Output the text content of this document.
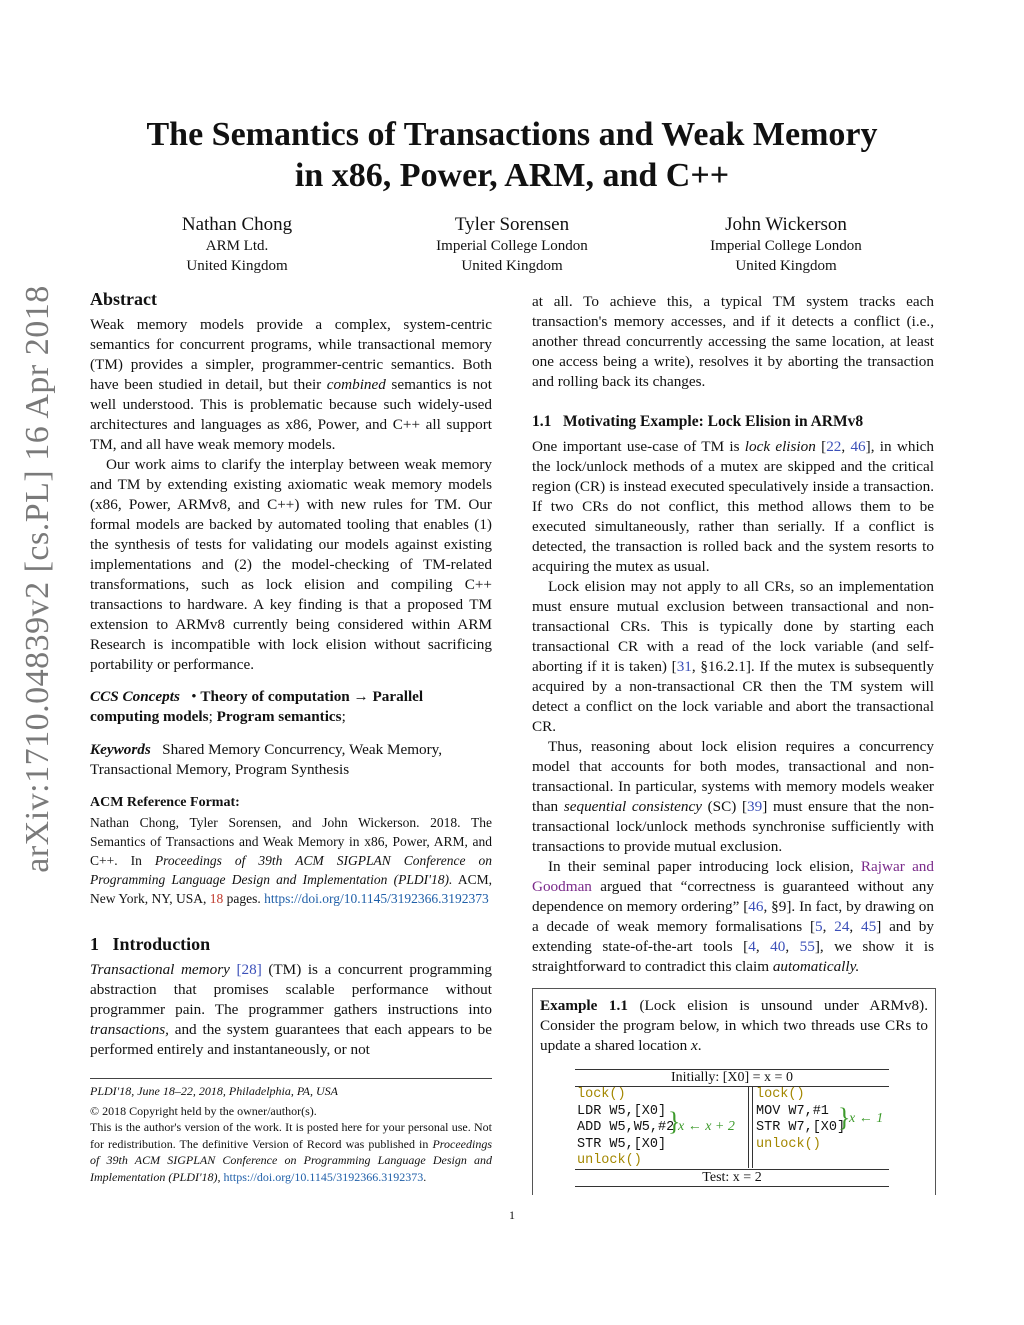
arXiv:1710.04839v2 [cs.PL] 16 Apr 2018
The Semantics of Transactions and Weak Memory
in x86, Power, ARM, and C++
Nathan Chong
ARM Ltd.
United Kingdom
Tyler Sorensen
Imperial College London
United Kingdom
John Wickerson
Imperial College London
United Kingdom
Abstract

Weak memory models provide a complex, system-centric semantics for concurrent programs, while transactional memory (TM) provides a simpler, programmer-centric semantics. Both have been studied in detail, but their combined semantics is not well understood. This is problematic because such widely-used architectures and languages as x86, Power, and C++ all support TM, and all have weak memory models.

Our work aims to clarify the interplay between weak memory and TM by extending existing axiomatic weak memory models (x86, Power, ARMv8, and C++) with new rules for TM. Our formal models are backed by automated tooling that enables (1) the synthesis of tests for validating our models against existing implementations and (2) the model-checking of TM-related transformations, such as lock elision and compiling C++ transactions to hardware. A key finding is that a proposed TM extension to ARMv8 currently being considered within ARM Research is incompatible with lock elision without sacrificing portability or performance.

CCS Concepts • Theory of computation → Parallel computing models; Program semantics;

Keywords Shared Memory Concurrency, Weak Memory, Transactional Memory, Program Synthesis

ACM Reference Format:

Nathan Chong, Tyler Sorensen, and John Wickerson. 2018. The Semantics of Transactions and Weak Memory in x86, Power, ARM, and C++. In Proceedings of 39th ACM SIGPLAN Conference on Programming Language Design and Implementation (PLDI'18). ACM, New York, NY, USA, 18 pages. https://doi.org/10.1145/3192366.3192373

1 Introduction

Transactional memory [28] (TM) is a concurrent programming abstraction that promises scalable performance without programmer pain. The programmer gathers instructions into transactions, and the system guarantees that each appears to be performed entirely and instantaneously, or not

PLDI'18, June 18–22, 2018, Philadelphia, PA, USA
© 2018 Copyright held by the owner/author(s).
This is the author's version of the work. It is posted here for your personal use. Not for redistribution. The definitive Version of Record was published in Proceedings of 39th ACM SIGPLAN Conference on Programming Language Design and Implementation (PLDI'18), https://doi.org/10.1145/3192366.3192373.

at all. To achieve this, a typical TM system tracks each transaction's memory accesses, and if it detects a conflict (i.e., another thread concurrently accessing the same location, at least one access being a write), resolves it by aborting the transaction and rolling back its changes.

1.1 Motivating Example: Lock Elision in ARMv8

One important use-case of TM is lock elision [22, 46], in which the lock/unlock methods of a mutex are skipped and the critical region (CR) is instead executed speculatively inside a transaction. If two CRs do not conflict, this method allows them to be executed simultaneously, rather than serially. If a conflict is detected, the transaction is rolled back and the system resorts to acquiring the mutex as usual.

Lock elision may not apply to all CRs, so an implementation must ensure mutual exclusion between transactional and non-transactional CRs. This is typically done by starting each transactional CR with a read of the lock variable (and self-aborting if it is taken) [31, §16.2.1]. If the mutex is subsequently acquired by a non-transactional CR then the TM system will detect a conflict on the lock variable and abort the transactional CR.

Thus, reasoning about lock elision requires a concurrency model that accounts for both modes, transactional and non-transactional. In particular, systems with memory models weaker than sequential consistency (SC) [39] must ensure that the non-transactional lock/unlock methods synchronise sufficiently with transactions to provide mutual exclusion.

In their seminal paper introducing lock elision, Rajwar and Goodman argued that “correctness is guaranteed without any dependence on memory ordering” [46, §9]. In fact, by drawing on a decade of weak memory formalisations [5, 24, 45] and by extending state-of-the-art tools [4, 40, 55], we show it is straightforward to contradict this claim automatically.

Example 1.1 (Lock elision is unsound under ARMv8). Consider the program below, in which two threads use CRs to update a shared location x.

Initially: [X0] = x = 0
lock()
LDR W5,[X0]
ADD W5,W5,#2
STR W5,[X0]
unlock()
}
x ← x + 2
lock()
MOV W7,#1
STR W7,[X0]
unlock()
}
x ← 1
Test: x = 2
1
